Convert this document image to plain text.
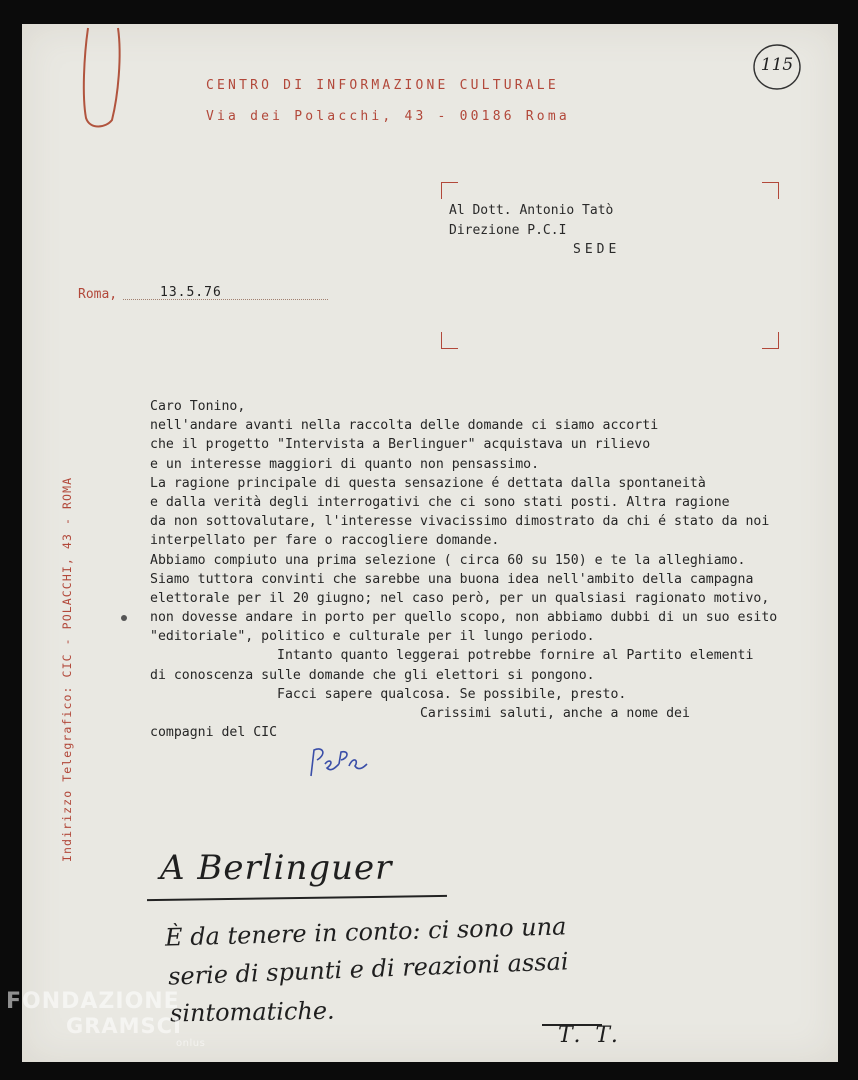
115
CENTRO DI INFORMAZIONE CULTURALE
Via dei Polacchi, 43 - 00186 Roma
Al Dott. Antonio Tatò
Direzione P.C.I
SEDE
Roma,	13.5.76
Caro Tonino,
nell'andare avanti nella raccolta delle domande ci siamo accorti
che il progetto "Intervista a Berlinguer" acquistava un rilievo
e un interesse maggiori di quanto non pensassimo.
La ragione principale di questa sensazione é dettata dalla spontaneità
e dalla verità degli interrogativi che ci sono stati posti. Altra ragione
da non sottovalutare, l'interesse vivacissimo dimostrato da chi é stato da noi
interpellato per fare o raccogliere domande.
Abbiamo compiuto una prima selezione ( circa 60 su 150) e te la alleghiamo.
Siamo tuttora convinti che sarebbe una buona idea nell'ambito della campagna
elettorale per il 20 giugno; nel caso però, per un qualsiasi ragionato motivo,
non dovesse andare in porto per quello scopo, non abbiamo dubbi di un suo esito
"editoriale", politico e culturale per il lungo periodo.
Intanto quanto leggerai potrebbe fornire al Partito elementi
di conoscenza sulle domande che gli elettori si pongono.
Facci sapere qualcosa. Se possibile, presto.
Carissimi saluti, anche a nome dei
compagni del CIC
Indirizzo Telegrafico: CIC - POLACCHI, 43 - ROMA
A Berlinguer
È da tenere in conto: ci sono una
serie di spunti e di reazioni assai
sintomatiche.
T. T.
FONDAZIONE
GRAMSCI
onlus
